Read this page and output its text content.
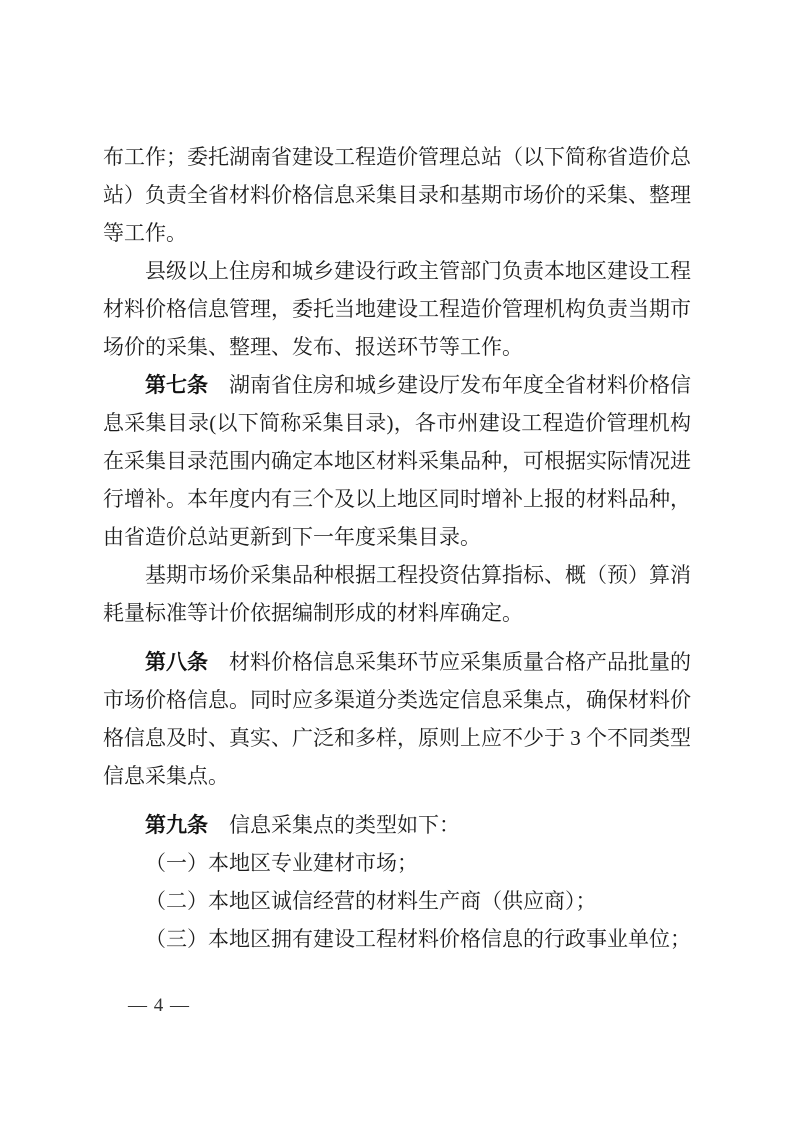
布工作；委托湖南省建设工程造价管理总站（以下简称省造价总站）负责全省材料价格信息采集目录和基期市场价的采集、整理等工作。

县级以上住房和城乡建设行政主管部门负责本地区建设工程材料价格信息管理，委托当地建设工程造价管理机构负责当期市场价的采集、整理、发布、报送环节等工作。

第七条　湖南省住房和城乡建设厅发布年度全省材料价格信息采集目录(以下简称采集目录)，各市州建设工程造价管理机构在采集目录范围内确定本地区材料采集品种，可根据实际情况进行增补。本年度内有三个及以上地区同时增补上报的材料品种，由省造价总站更新到下一年度采集目录。

基期市场价采集品种根据工程投资估算指标、概（预）算消耗量标准等计价依据编制形成的材料库确定。

第八条　材料价格信息采集环节应采集质量合格产品批量的市场价格信息。同时应多渠道分类选定信息采集点，确保材料价格信息及时、真实、广泛和多样，原则上应不少于 3 个不同类型信息采集点。

第九条　信息采集点的类型如下：

（一）本地区专业建材市场；

（二）本地区诚信经营的材料生产商（供应商）；

（三）本地区拥有建设工程材料价格信息的行政事业单位；

— 4 —
